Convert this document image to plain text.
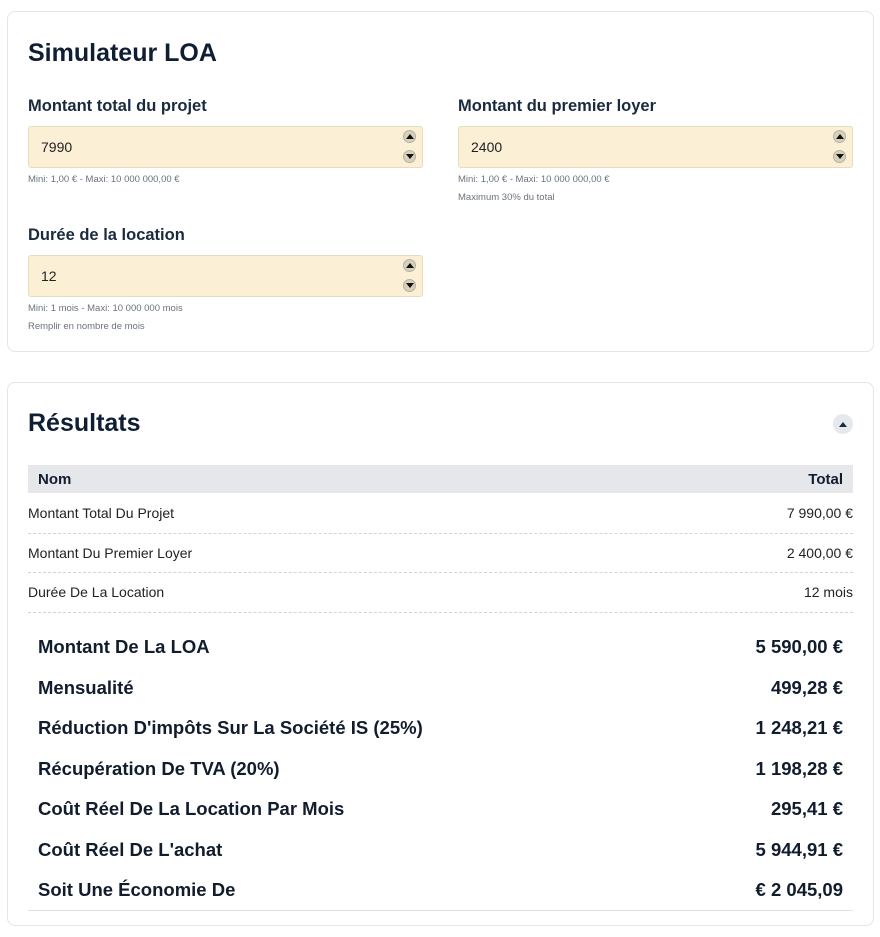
Simulateur LOA
Montant total du projet
7990
Mini: 1,00 € - Maxi: 10 000 000,00 €
Montant du premier loyer
2400
Mini: 1,00 € - Maxi: 10 000 000,00 €
Maximum 30% du total
Durée de la location
12
Mini: 1 mois - Maxi: 10 000 000 mois
Remplir en nombre de mois
Résultats
Nom	Total
Montant Total Du Projet	7 990,00 €
Montant Du Premier Loyer	2 400,00 €
Durée De La Location	12 mois
Montant De La LOA	5 590,00 €
Mensualité	499,28 €
Réduction D'impôts Sur La Société IS (25%)	1 248,21 €
Récupération De TVA (20%)	1 198,28 €
Coût Réel De La Location Par Mois	295,41 €
Coût Réel De L'achat	5 944,91 €
Soit Une Économie De	€ 2 045,09
